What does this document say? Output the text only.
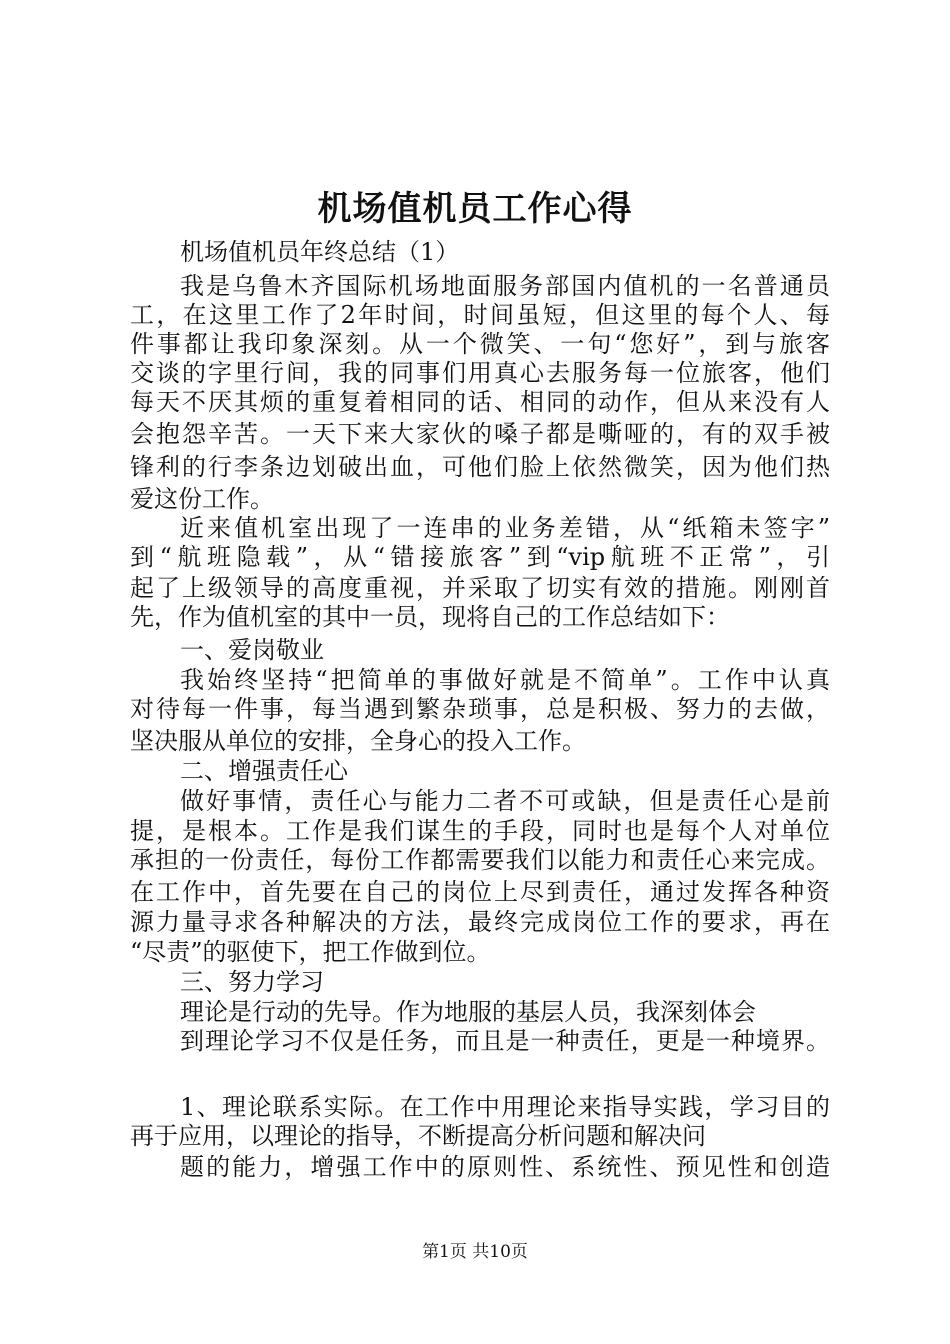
机场值机员工作心得
机场值机员年终总结（1）
我是乌鲁木齐国际机场地面服务部国内值机的一名普通员
工，在这里工作了2年时间，时间虽短，但这里的每个人、每
件事都让我印象深刻。从一个微笑、一句“您好”，到与旅客
交谈的字里行间，我的同事们用真心去服务每一位旅客，他们
每天不厌其烦的重复着相同的话、相同的动作，但从来没有人
会抱怨辛苦。一天下来大家伙的嗓子都是嘶哑的，有的双手被
锋利的行李条边划破出血，可他们脸上依然微笑，因为他们热
爱这份工作。
近来值机室出现了一连串的业务差错，从“纸箱未签字”
到“航班隐载”，从“错接旅客”到“vip航班不正常”，引
起了上级领导的高度重视，并采取了切实有效的措施。刚刚首
先，作为值机室的其中一员，现将自己的工作总结如下：
一、爱岗敬业
我始终坚持“把简单的事做好就是不简单”。工作中认真
对待每一件事，每当遇到繁杂琐事，总是积极、努力的去做，
坚决服从单位的安排，全身心的投入工作。
二、增强责任心
做好事情，责任心与能力二者不可或缺，但是责任心是前
提，是根本。工作是我们谋生的手段，同时也是每个人对单位
承担的一份责任，每份工作都需要我们以能力和责任心来完成。
在工作中，首先要在自己的岗位上尽到责任，通过发挥各种资
源力量寻求各种解决的方法，最终完成岗位工作的要求，再在
“尽责”的驱使下，把工作做到位。
三、努力学习
理论是行动的先导。作为地服的基层人员，我深刻体会
到理论学习不仅是任务，而且是一种责任，更是一种境界。
1、理论联系实际。在工作中用理论来指导实践，学习目的
再于应用，以理论的指导，不断提高分析问题和解决问
题的能力，增强工作中的原则性、系统性、预见性和创造
第1页 共10页
